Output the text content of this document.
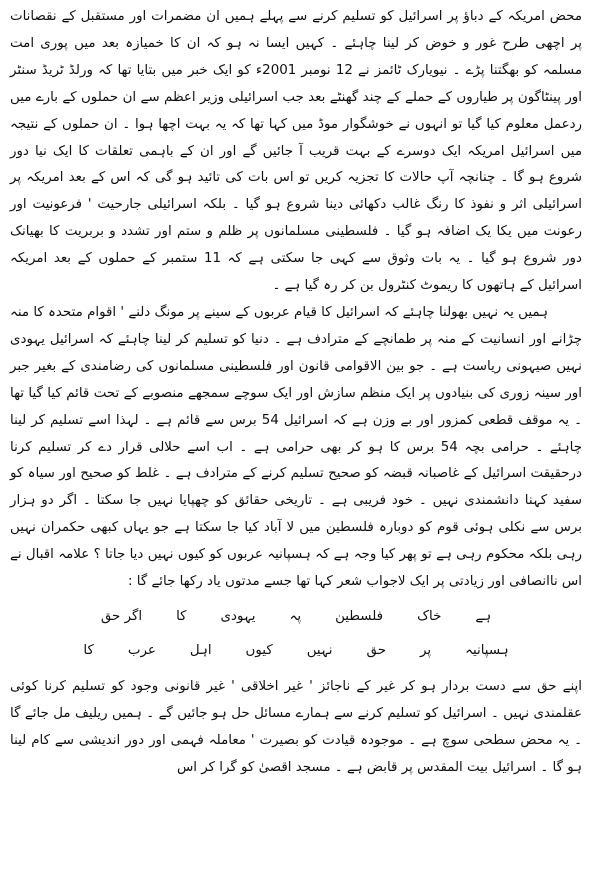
محض امریکہ کے دباؤ پر اسرائیل کو تسلیم کرنے سے پہلے ہمیں ان مضمرات اور مستقبل کے نقصانات پر اچھی طرح غور و خوض کر لینا چاہئے ۔ کہیں ایسا نہ ہو کہ ان کا خمیازہ بعد میں پوری امت مسلمہ کو بھگتنا پڑے ۔ نیویارک ٹائمز نے 12 نومبر 2001ء کو ایک خبر میں بتایا تھا کہ ورلڈ ٹریڈ سنٹر اور پینٹاگون پر طیاروں کے حملے کے چند گھنٹے بعد جب اسرائیلی وزیر اعظم سے ان حملوں کے بارے میں ردعمل معلوم کیا گیا تو انہوں نے خوشگوار موڈ میں کہا تھا کہ یہ بہت اچھا ہوا ۔ ان حملوں کے نتیجہ میں اسرائیل امریکہ ایک دوسرے کے بہت قریب آ جائیں گے اور ان کے باہمی تعلقات کا ایک نیا دور شروع ہو گا ۔ چنانچہ آپ حالات کا تجزیہ کریں تو اس بات کی تائید ہو گی کہ اس کے بعد امریکہ پر اسرائیلی اثر و نفوذ کا رنگ غالب دکھائی دینا شروع ہو گیا ۔ بلکہ اسرائیلی جارحیت ' فرعونیت اور رعونت میں یکا یک اضافہ ہو گیا ۔ فلسطینی مسلمانوں پر ظلم و ستم اور تشدد و بربریت کا بھیانک دور شروع ہو گیا ۔ یہ بات وثوق سے کہی جا سکتی ہے کہ 11 ستمبر کے حملوں کے بعد امریکہ اسرائیل کے ہاتھوں کا ریموٹ کنٹرول بن کر رہ گیا ہے ۔

ہمیں یہ نہیں بھولنا چاہئے کہ اسرائیل کا قیام عربوں کے سینے پر مونگ دلنے ' اقوام متحدہ کا منہ چڑانے اور انسانیت کے منہ پر طمانچے کے مترادف ہے ۔ دنیا کو تسلیم کر لینا چاہئے کہ اسرائیل یہودی نہیں صیہونی ریاست ہے ۔ جو بین الاقوامی قانون اور فلسطینی مسلمانوں کی رضامندی کے بغیر جبر اور سینہ زوری کی بنیادوں پر ایک منظم سازش اور ایک سوچے سمجھے منصوبے کے تحت قائم کیا گیا تھا ۔ یہ موقف قطعی کمزور اور بے وزن ہے کہ اسرائیل 54 برس سے قائم ہے ۔ لہذا اسے تسلیم کر لینا چاہئے ۔ حرامی بچہ 54 برس کا ہو کر بھی حرامی ہے ۔ اب اسے حلالی قرار دے کر تسلیم کرنا درحقیقت اسرائیل کے غاصبانہ قبضہ کو صحیح تسلیم کرنے کے مترادف ہے ۔ غلط کو صحیح اور سیاہ کو سفید کہنا دانشمندی نہیں ۔ خود فریبی ہے ۔ تاریخی حقائق کو چھپایا نہیں جا سکتا ۔ اگر دو ہزار برس سے نکلی ہوئی قوم کو دوبارہ فلسطین میں لا آباد کیا جا سکتا ہے جو یہاں کبھی حکمران نہیں رہی بلکہ محکوم رہی ہے تو پھر کیا وجہ ہے کہ ہسپانیہ عربوں کو کیوں نہیں دیا جاتا ؟ علامہ اقبال نے اس ناانصافی اور زیادتی پر ایک لاجواب شعر کہا تھا جسے مدتوں یاد رکھا جائے گا :

ہے
خاک
فلسطین
پہ
یہودی
کا
اگر حق
ہسپانیہ
پر
حق
نہیں
کیوں
اہل
عرب
کا

اپنے حق سے دست بردار ہو کر غیر کے ناجائز ' غیر اخلاقی ' غیر قانونی وجود کو تسلیم کرنا کوئی عقلمندی نہیں ۔ اسرائیل کو تسلیم کرنے سے ہمارے مسائل حل ہو جائیں گے ۔ ہمیں ریلیف مل جائے گا ۔ یہ محض سطحی سوچ ہے ۔ موجودہ قیادت کو بصیرت ' معاملہ فہمی اور دور اندیشی سے کام لینا ہو گا ۔ اسرائیل بیت المقدس پر قابض ہے ۔ مسجد اقصیٰ کو گرا کر اس
